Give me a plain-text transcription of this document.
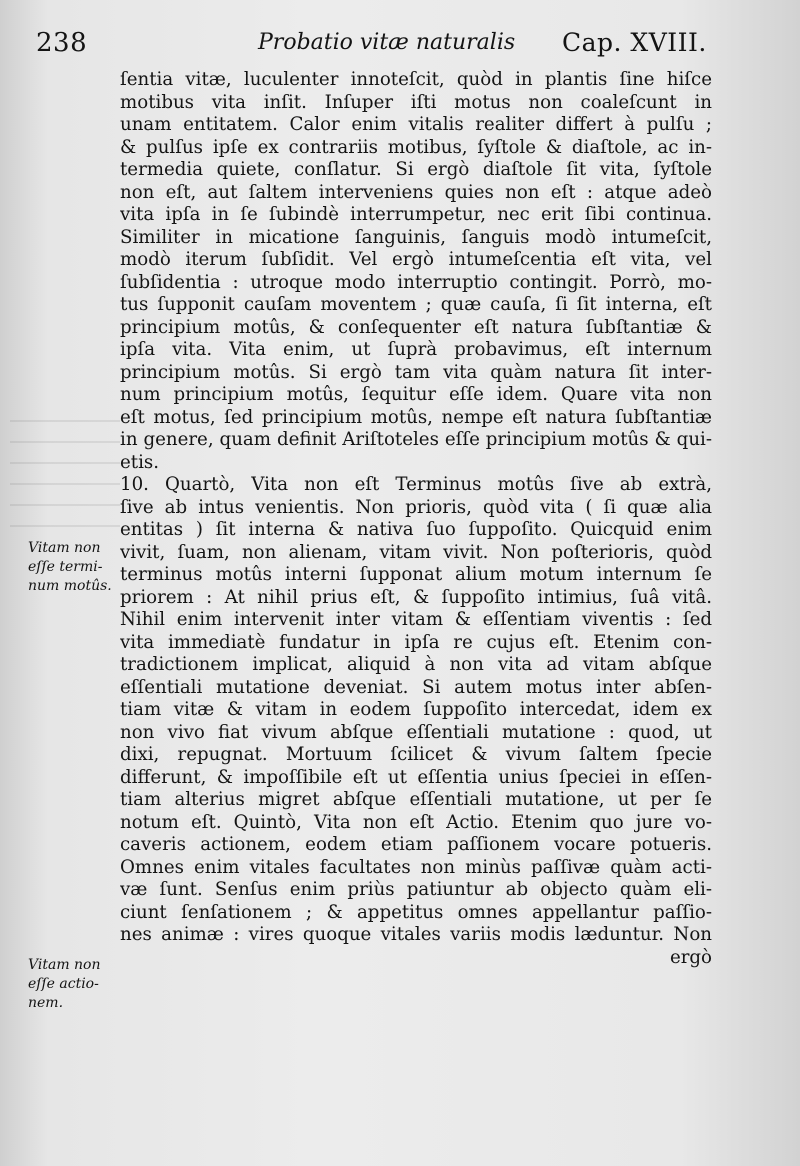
238	Probatio vitæ naturalis Cap. XVIII.
ſentia vitæ, luculenter innoteſcit, quòd in plantis ſine hiſce
motibus vita inſit. Inſuper iſti motus non coaleſcunt in
unam entitatem. Calor enim vitalis realiter differt à pulſu ;
& pulſus ipſe ex contrariis motibus, ſyſtole & diaſtole, ac in-
termedia quiete, conſlatur. Si ergò diaſtole ſit vita, ſyſtole
non eſt, aut ſaltem interveniens quies non eſt : atque adeò
vita ipſa in ſe ſubindè interrumpetur, nec erit ſibi continua.
Similiter in micatione ſanguinis, ſanguis modò intumeſcit,
modò iterum ſubſidit. Vel ergò intumeſcentia eſt vita, vel
ſubſidentia : utroque modo interruptio contingit. Porrò, mo-
tus ſupponit cauſam moventem ; quæ cauſa, ſi ſit interna, eſt
principium motûs, & conſequenter eſt natura ſubſtantiæ &
ipſa vita. Vita enim, ut ſuprà probavimus, eſt internum
principium motûs. Si ergò tam vita quàm natura ſit inter-
num principium motûs, ſequitur eſſe idem. Quare vita non
eſt motus, ſed principium motûs, nempe eſt natura ſubſtantiæ
in genere, quam definit Ariſtoteles eſſe principium motûs & qui-
etis.
10. Quartò, Vita non eſt Terminus motûs ſive ab extrà,
ſive ab intus venientis. Non prioris, quòd vita ( ſi quæ alia
entitas ) ſit interna & nativa ſuo ſuppoſito. Quicquid enim
vivit, ſuam, non alienam, vitam vivit. Non poſterioris, quòd
terminus motûs interni ſupponat alium motum internum ſe
priorem : At nihil prius eſt, & ſuppoſito intimius, ſuâ vitâ.
Nihil enim intervenit inter vitam & eſſentiam viventis : ſed
vita immediatè fundatur in ipſa re cujus eſt. Etenim con-
tradictionem implicat, aliquid à non vita ad vitam abſque
eſſentiali mutatione deveniat. Si autem motus inter abſen-
tiam vitæ & vitam in eodem ſuppoſito intercedat, idem ex
non vivo fiat vivum abſque eſſentiali mutatione : quod, ut
dixi, repugnat. Mortuum ſcilicet & vivum ſaltem ſpecie
differunt, & impoſſibile eſt ut eſſentia unius ſpeciei in eſſen-
tiam alterius migret abſque eſſentiali mutatione, ut per ſe
notum eſt. Quintò, Vita non eſt Actio. Etenim quo jure vo-
caveris actionem, eodem etiam paſſionem vocare potueris.
Omnes enim vitales facultates non minùs paſſivæ quàm acti-
væ ſunt. Senſus enim priùs patiuntur ab objecto quàm eli-
ciunt ſenſationem ; & appetitus omnes appellantur paſſio-
nes animæ : vires quoque vitales variis modis læduntur. Non
ergò
Vitam non
eſſe termi-
num motûs.
Vitam non
eſſe actio-
nem.
